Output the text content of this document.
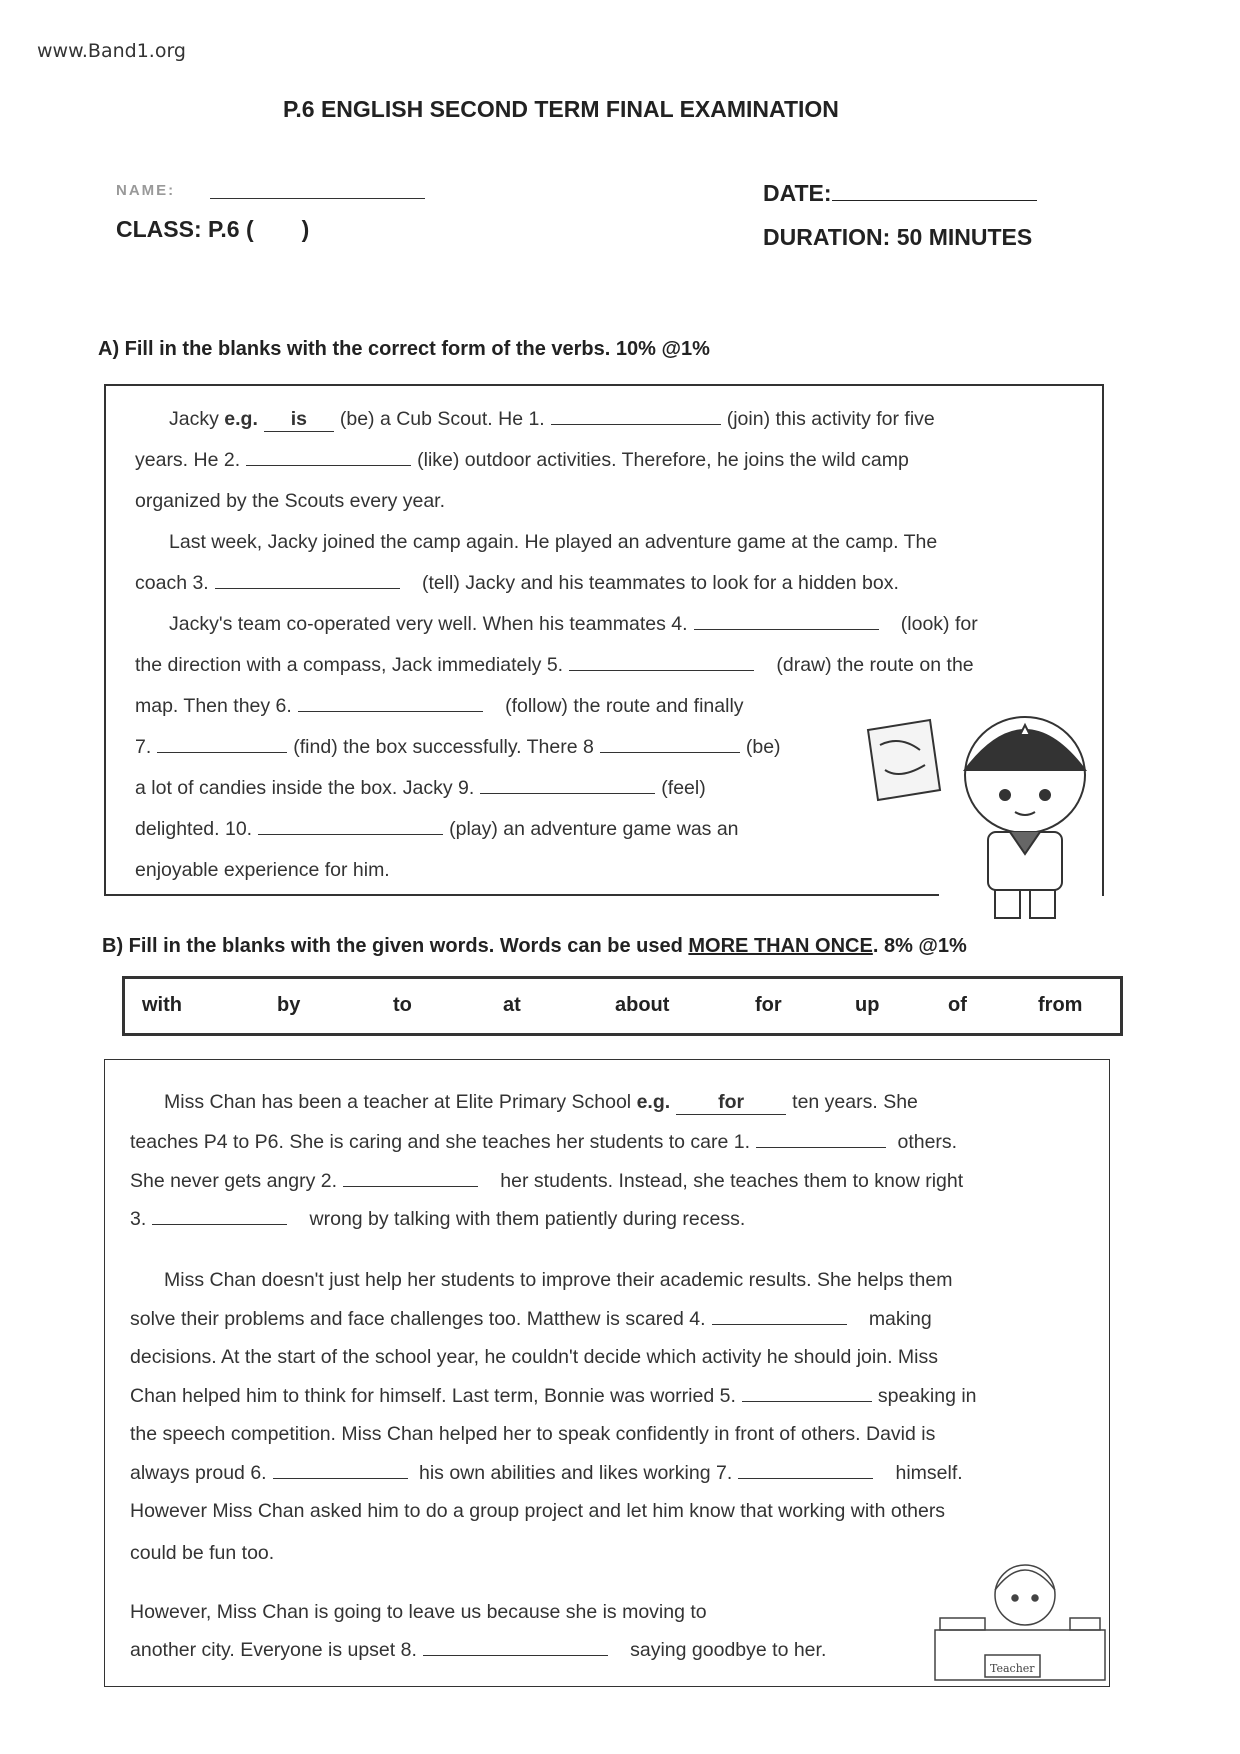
www.Band1.org
P.6 ENGLISH SECOND TERM FINAL EXAMINATION
NAME:
CLASS: P.6 ( )
DATE:
DURATION: 50 MINUTES
A) Fill in the blanks with the correct form of the verbs. 10% @1%
Jacky e.g. is (be) a Cub Scout. He 1.	(join) this activity for five
years. He 2.	(like) outdoor activities. Therefore, he joins the wild camp
organized by the Scouts every year.
Last week, Jacky joined the camp again. He played an adventure game at the camp. The
coach 3.	(tell) Jacky and his teammates to look for a hidden box.
Jacky's team co-operated very well. When his teammates 4.	(look) for
the direction with a compass, Jack immediately 5.	(draw) the route on the
map. Then they 6.	(follow) the route and finally
7.	(find) the box successfully. There 8	(be)
a lot of candies inside the box. Jacky 9.	(feel)
delighted. 10.	(play) an adventure game was an
enjoyable experience for him.
B) Fill in the blanks with the given words. Words can be used MORE THAN ONCE. 8% @1%
with	by	to	at	about	for	up	of	from
Miss Chan has been a teacher at Elite Primary School e.g. for ten years. She
teaches P4 to P6. She is caring and she teaches her students to care 1.	others.
She never gets angry 2.	her students. Instead, she teaches them to know right
3.	wrong by talking with them patiently during recess.
Miss Chan doesn't just help her students to improve their academic results. She helps them
solve their problems and face challenges too. Matthew is scared 4.	making
decisions. At the start of the school year, he couldn't decide which activity he should join. Miss
Chan helped him to think for himself. Last term, Bonnie was worried 5.	speaking in
the speech competition. Miss Chan helped her to speak confidently in front of others. David is
always proud 6.	his own abilities and likes working 7.	himself.
However Miss Chan asked him to do a group project and let him know that working with others
could be fun too.
However, Miss Chan is going to leave us because she is moving to
another city. Everyone is upset 8.	saying goodbye to her.
Teacher
